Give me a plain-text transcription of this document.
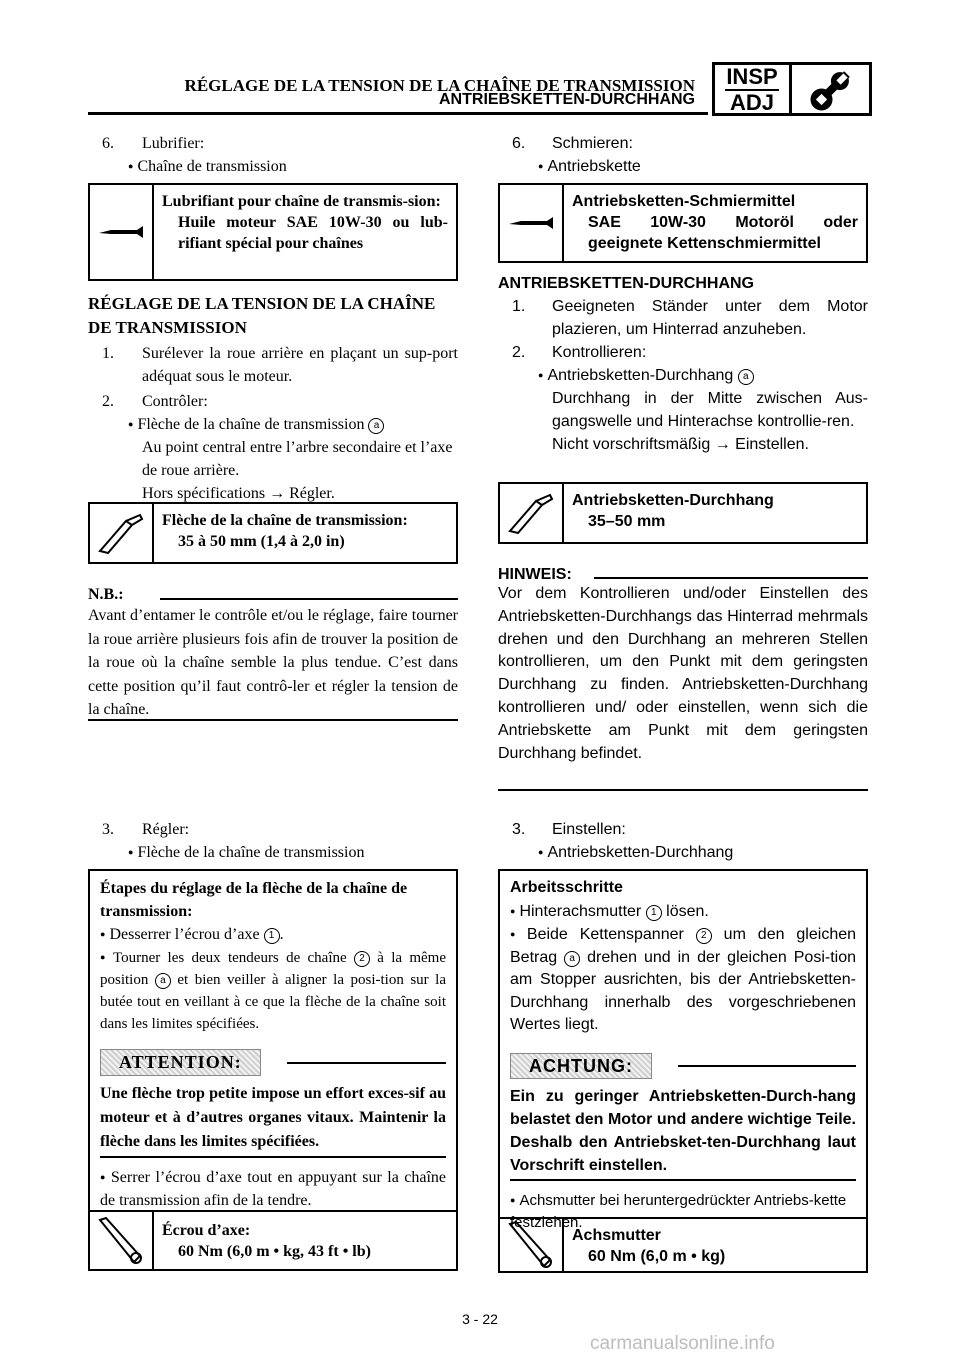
RÉGLAGE DE LA TENSION DE LA CHAÎNE DE TRANSMISSION
ANTRIEBSKETTEN-DURCHHANG
INSP
ADJ
6.	Lubrifier:
● Chaîne de transmission
Lubrifiant pour chaîne de transmis-sion:
Huile moteur SAE 10W-30 ou lub-rifiant spécial pour chaînes
RÉGLAGE DE LA TENSION DE LA CHAÎNE DE TRANSMISSION
1.	Surélever la roue arrière en plaçant un sup-port adéquat sous le moteur.
2.	Contrôler:
● Flèche de la chaîne de transmission a
Au point central entre l’arbre secondaire et l’axe de roue arrière.
Hors spécifications → Régler.
Flèche de la chaîne de transmission:
35 à 50 mm (1,4 à 2,0 in)
N.B.:
Avant d’entamer le contrôle et/ou le réglage, faire tourner la roue arrière plusieurs fois afin de trouver la position de la roue où la chaîne semble la plus tendue. C’est dans cette position qu’il faut contrô-ler et régler la tension de la chaîne.
3.	Régler:
● Flèche de la chaîne de transmission
Étapes du réglage de la flèche de la chaîne de transmission:
● Desserrer l’écrou d’axe 1 .
● Tourner les deux tendeurs de chaîne 2 à la même position a et bien veiller à aligner la posi-tion sur la butée tout en veillant à ce que la flèche de la chaîne soit dans les limites spécifiées.
ATTENTION:
Une flèche trop petite impose un effort exces-sif au moteur et à d’autres organes vitaux. Maintenir la flèche dans les limites spécifiées.
● Serrer l’écrou d’axe tout en appuyant sur la chaîne de transmission afin de la tendre.
Écrou d’axe:
60 Nm (6,0 m • kg, 43 ft • lb)
6.	Schmieren:
● Antriebskette
Antriebsketten-Schmiermittel
SAE 10W-30 Motoröl oder geeignete Kettenschmiermittel
ANTRIEBSKETTEN-DURCHHANG
1.	Geeigneten Ständer unter dem Motor plazieren, um Hinterrad anzuheben.
2.	Kontrollieren:
● Antriebsketten-Durchhang a
Durchhang in der Mitte zwischen Aus-gangswelle und Hinterachse kontrollie-ren.
Nicht vorschriftsmäßig → Einstellen.
Antriebsketten-Durchhang
35–50 mm
HINWEIS:
Vor dem Kontrollieren und/oder Einstellen des Antriebsketten-Durchhangs das Hinterrad mehrmals drehen und den Durchhang an mehreren Stellen kontrollieren, um den Punkt mit dem geringsten Durchhang zu finden. Antriebsketten-Durchhang kontrollieren und/ oder einstellen, wenn sich die Antriebskette am Punkt mit dem geringsten Durchhang befindet.
3.	Einstellen:
● Antriebsketten-Durchhang
Arbeitsschritte
● Hinterachsmutter 1 lösen.
● Beide Kettenspanner 2 um den gleichen Betrag a drehen und in der gleichen Posi-tion am Stopper ausrichten, bis der Antriebsketten-Durchhang innerhalb des vorgeschriebenen Wertes liegt.
ACHTUNG:
Ein zu geringer Antriebsketten-Durch-hang belastet den Motor und andere wichtige Teile. Deshalb den Antriebsket-ten-Durchhang laut Vorschrift einstellen.
● Achsmutter bei heruntergedrückter Antriebs-kette festziehen.
Achsmutter
60 Nm (6,0 m • kg)
3 - 22
carmanualsonline.info
